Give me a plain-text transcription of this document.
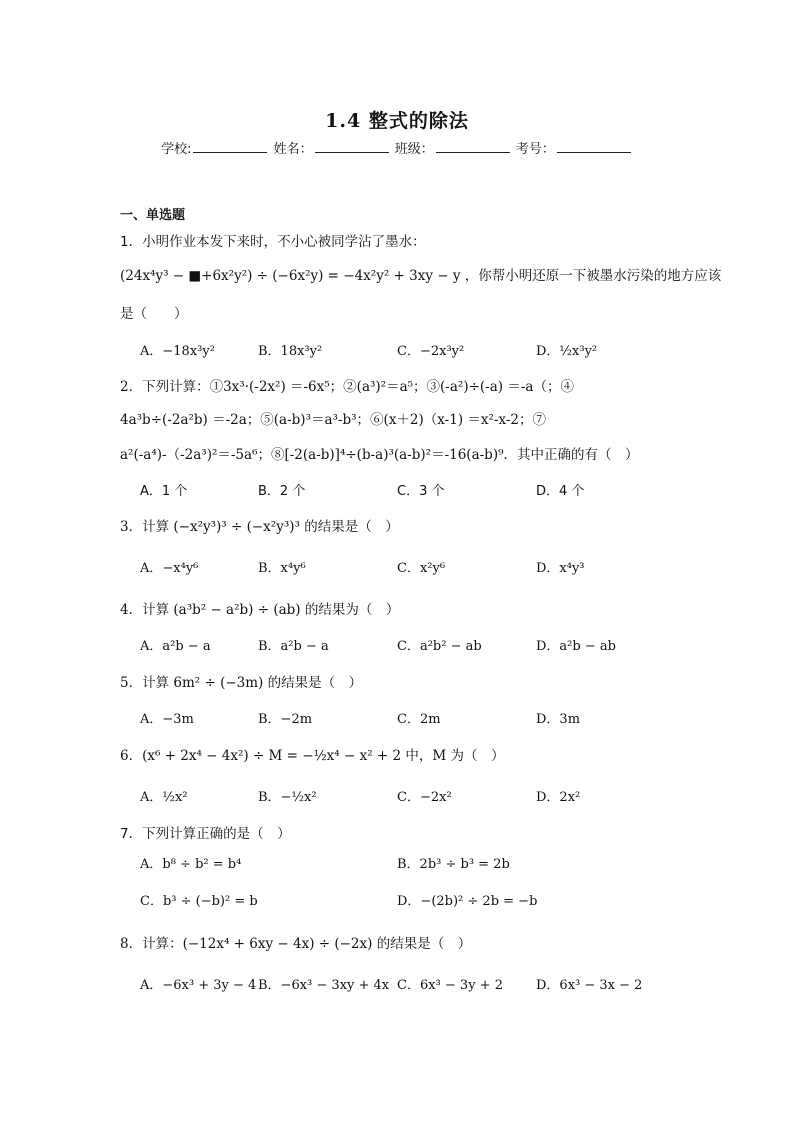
1.4 整式的除法
学校:	姓名：	班级：	考号：
一、单选题
1．小明作业本发下来时，不小心被同学沾了墨水：
(24x⁴y³ − ■+6x²y²) ÷ (−6x²y) = −4x²y² + 3xy − y ，你帮小明还原一下被墨水污染的地方应该
是（　　）
A．−18x³y²	B．18x³y²	C．−2x³y²	D．½x³y²
2．下列计算：①3x³·(-2x²) ＝-6x⁵；②(a³)²＝a⁵；③(-a²)÷(-a) ＝-a（；④
4a³b÷(-2a²b) ＝-2a；⑤(a-b)³＝a³-b³；⑥(x＋2)（x-1) ＝x²-x-2；⑦
a²(-a⁴)-（-2a³)²＝-5a⁶；⑧[-2(a-b)]⁴÷(b-a)³(a-b)²＝-16(a-b)⁹．其中正确的有（　）
A．1 个	B．2 个	C．3 个	D．4 个
3．计算 (−x²y³)³ ÷ (−x²y³)³ 的结果是（　）
A．−x⁴y⁶	B．x⁴y⁶	C．x²y⁶	D．x⁴y³
4．计算 (a³b² − a²b) ÷ (ab) 的结果为（　）
A．a²b − a	B．a²b − a	C．a²b² − ab	D．a²b − ab
5．计算 6m² ÷ (−3m) 的结果是（　）
A．−3m	B．−2m	C．2m	D．3m
6．(x⁶ + 2x⁴ − 4x²) ÷ M = −½x⁴ − x² + 2 中，M 为（　）
A．½x²	B．−½x²	C．−2x²	D．2x²
7．下列计算正确的是（　）
A．b⁸ ÷ b² = b⁴	B．2b³ ÷ b³ = 2b
C．b³ ÷ (−b)² = b	D．−(2b)² ÷ 2b = −b
8．计算：(−12x⁴ + 6xy − 4x) ÷ (−2x) 的结果是（　）
A．−6x³ + 3y − 4 B．−6x³ − 3xy + 4x C．6x³ − 3y + 2	D．6x³ − 3x − 2
